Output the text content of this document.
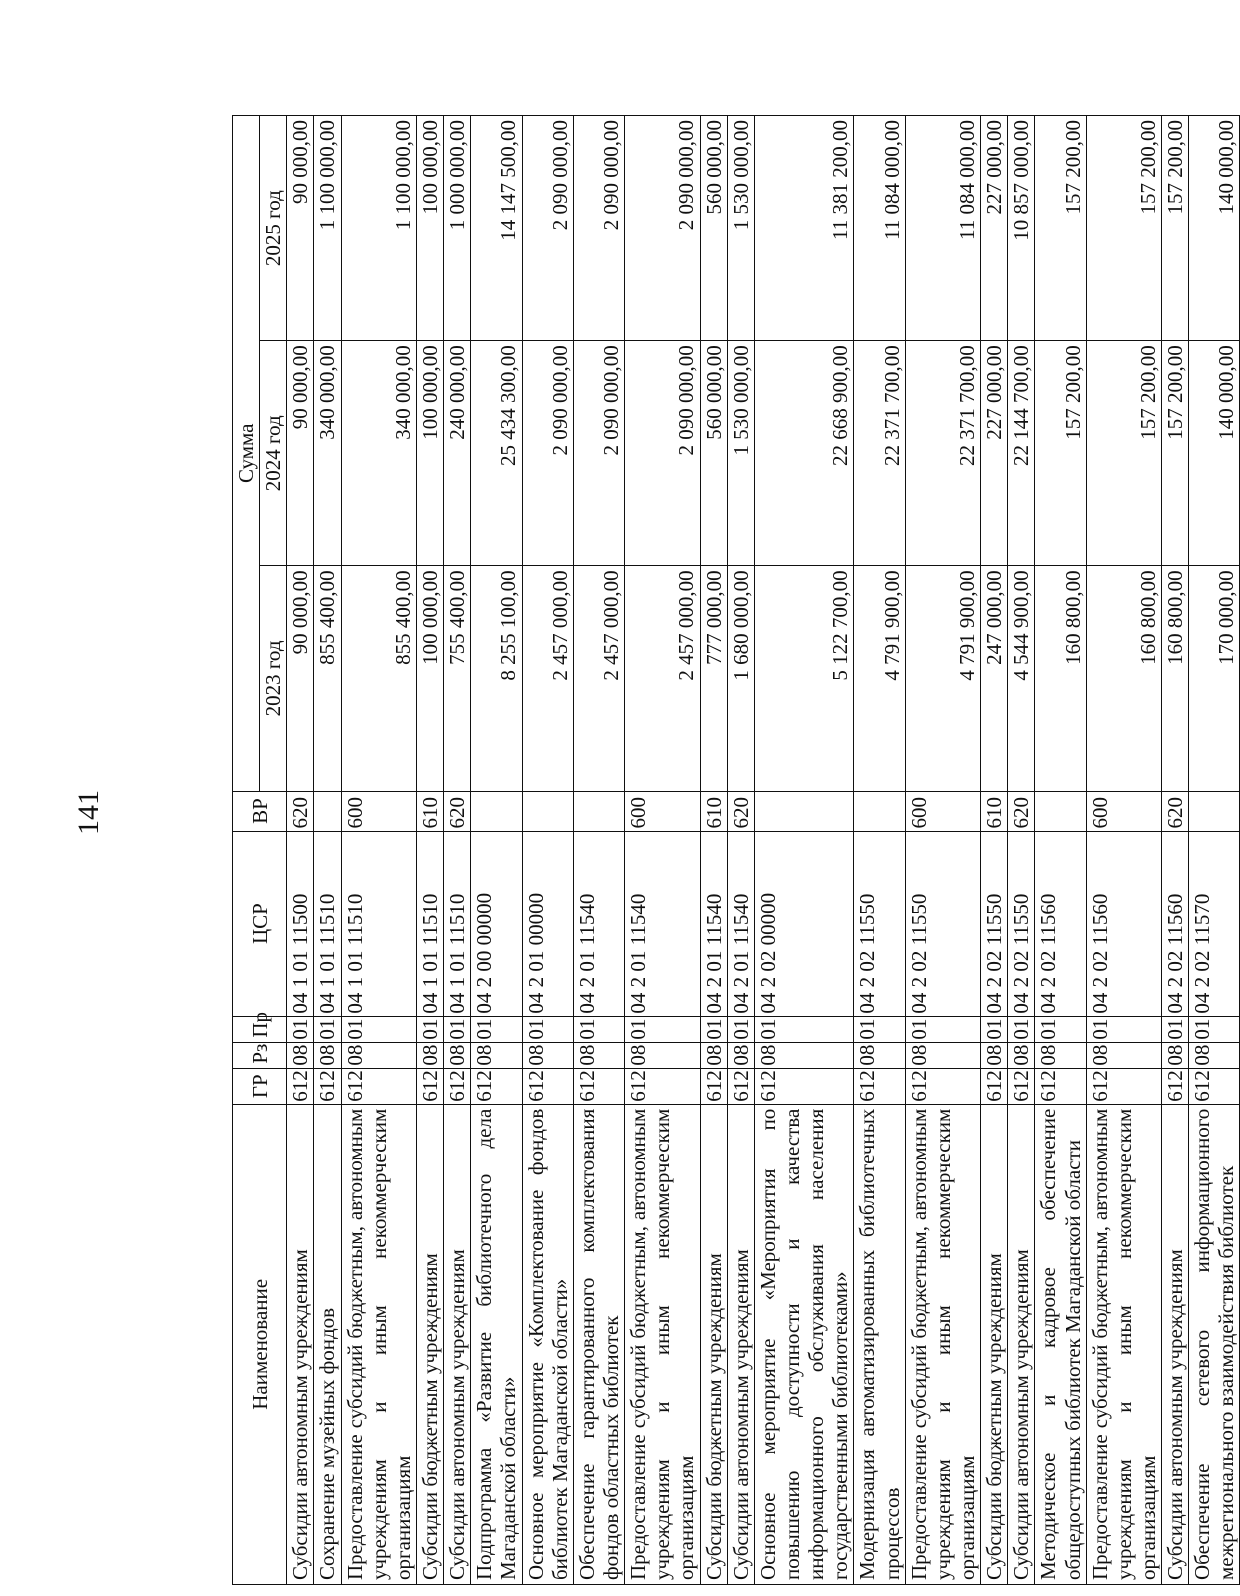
141
Наименование	ГР	Рз	Пр	ЦСР	ВР	Сумма		
						2023 год	2024 год	2025 год
Субсидии автономным учреждениям	612	08	01	04 1 01 11500	620	90 000,00	90 000,00	90 000,00
Сохранение музейных фондов	612	08	01	04 1 01 11510		855 400,00	340 000,00	1 100 000,00
Предоставление субсидий бюджетным, автономным учреждениям и иным некоммерческим организациям	612	08	01	04 1 01 11510	600	855 400,00	340 000,00	1 100 000,00
Субсидии бюджетным учреждениям	612	08	01	04 1 01 11510	610	100 000,00	100 000,00	100 000,00
Субсидии автономным учреждениям	612	08	01	04 1 01 11510	620	755 400,00	240 000,00	1 000 000,00
Подпрограмма «Развитие библиотечного дела Магаданской области»	612	08	01	04 2 00 00000		8 255 100,00	25 434 300,00	14 147 500,00
Основное мероприятие «Комплектование фондов библиотек Магаданской области»	612	08	01	04 2 01 00000		2 457 000,00	2 090 000,00	2 090 000,00
Обеспечение гарантированного комплектования фондов областных библиотек	612	08	01	04 2 01 11540		2 457 000,00	2 090 000,00	2 090 000,00
Предоставление субсидий бюджетным, автономным учреждениям и иным некоммерческим организациям	612	08	01	04 2 01 11540	600	2 457 000,00	2 090 000,00	2 090 000,00
Субсидии бюджетным учреждениям	612	08	01	04 2 01 11540	610	777 000,00	560 000,00	560 000,00
Субсидии автономным учреждениям	612	08	01	04 2 01 11540	620	1 680 000,00	1 530 000,00	1 530 000,00
Основное мероприятие «Мероприятия по повышению доступности и качества информационного обслуживания населения государственными библиотеками»	612	08	01	04 2 02 00000		5 122 700,00	22 668 900,00	11 381 200,00
Модернизация автоматизированных библиотечных процессов	612	08	01	04 2 02 11550		4 791 900,00	22 371 700,00	11 084 000,00
Предоставление субсидий бюджетным, автономным учреждениям и иным некоммерческим организациям	612	08	01	04 2 02 11550	600	4 791 900,00	22 371 700,00	11 084 000,00
Субсидии бюджетным учреждениям	612	08	01	04 2 02 11550	610	247 000,00	227 000,00	227 000,00
Субсидии автономным учреждениям	612	08	01	04 2 02 11550	620	4 544 900,00	22 144 700,00	10 857 000,00
Методическое и кадровое обеспечение общедоступных библиотек Магаданской области	612	08	01	04 2 02 11560		160 800,00	157 200,00	157 200,00
Предоставление субсидий бюджетным, автономным учреждениям и иным некоммерческим организациям	612	08	01	04 2 02 11560	600	160 800,00	157 200,00	157 200,00
Субсидии автономным учреждениям	612	08	01	04 2 02 11560	620	160 800,00	157 200,00	157 200,00
Обеспечение сетевого информационного межрегионального взаимодействия библиотек	612	08	01	04 2 02 11570		170 000,00	140 000,00	140 000,00
